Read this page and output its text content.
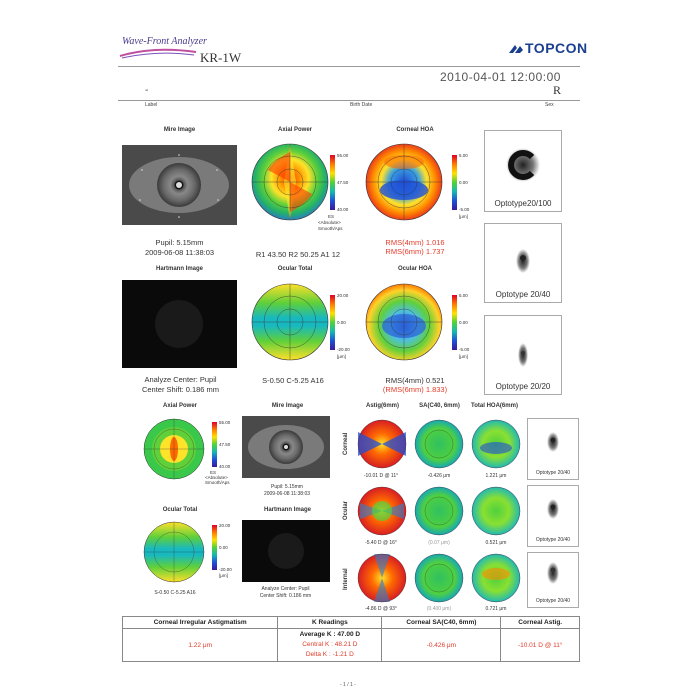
Wave-Front Analyzer
KR-1W
TOPCON
2010-04-01 12:00:00
R
-
Label	Birth Date	Sex
Mire Image	Axial Power	Corneal HOA
Pupil: 5.15mm
2009-06-08 11:38:03
55.00
47.50
40.00
ES
<Absolute>
Smooth/Aps
R1 43.50 R2 50.25 A1 12
5.00
0.00
-5.00
[μm]
RMS(4mm) 1.016
RMS(6mm) 1.737
Optotype20/100
Hartmann Image	Ocular Total	Ocular HOA
Analyze Center: Pupil
Center Shift: 0.186 mm
20.00
0.00
-20.00
[μm]
S-0.50 C-5.25 A16
5.00
0.00
-5.00
[μm]
RMS(4mm) 0.521
(RMS(6mm) 1.833)
Optotype 20/40
Optotype 20/20
Axial Power	Mire Image	Astig(6mm)	SA(C40, 6mm)	Total HOA(6mm)
55.00
47.50
40.00
ES
<Absolute>
Smooth/Aps
Pupil: 5.15mm
2009-06-08 11:38:03
Ocular Total	Hartmann Image
20.00
0.00
-20.00
[μm]
S-0.50 C-5.25 A16
Analyze Center: Pupil
Center Shift: 0.186 mm
Corneal
Ocular
Internal
Optotype 20/40
-10.01 D @ 11°	-0.426 μm	1.221 μm
Optotype 20/40
-5.40 D @ 16°	(0.07 μm)	0.521 μm
Optotype 20/40
-4.86 D @ 93°	(0.400 μm)	0.721 μm
Corneal Irregular Astigmatism	K Readings	Corneal SA(C40, 6mm)	Corneal Astig.
1.22 μm	Average K : 47.00 D
Central K : 48.21 D
Delta K : -1.21 D	-0.426 μm	-10.01 D @ 11°
- 1 / 1 -
